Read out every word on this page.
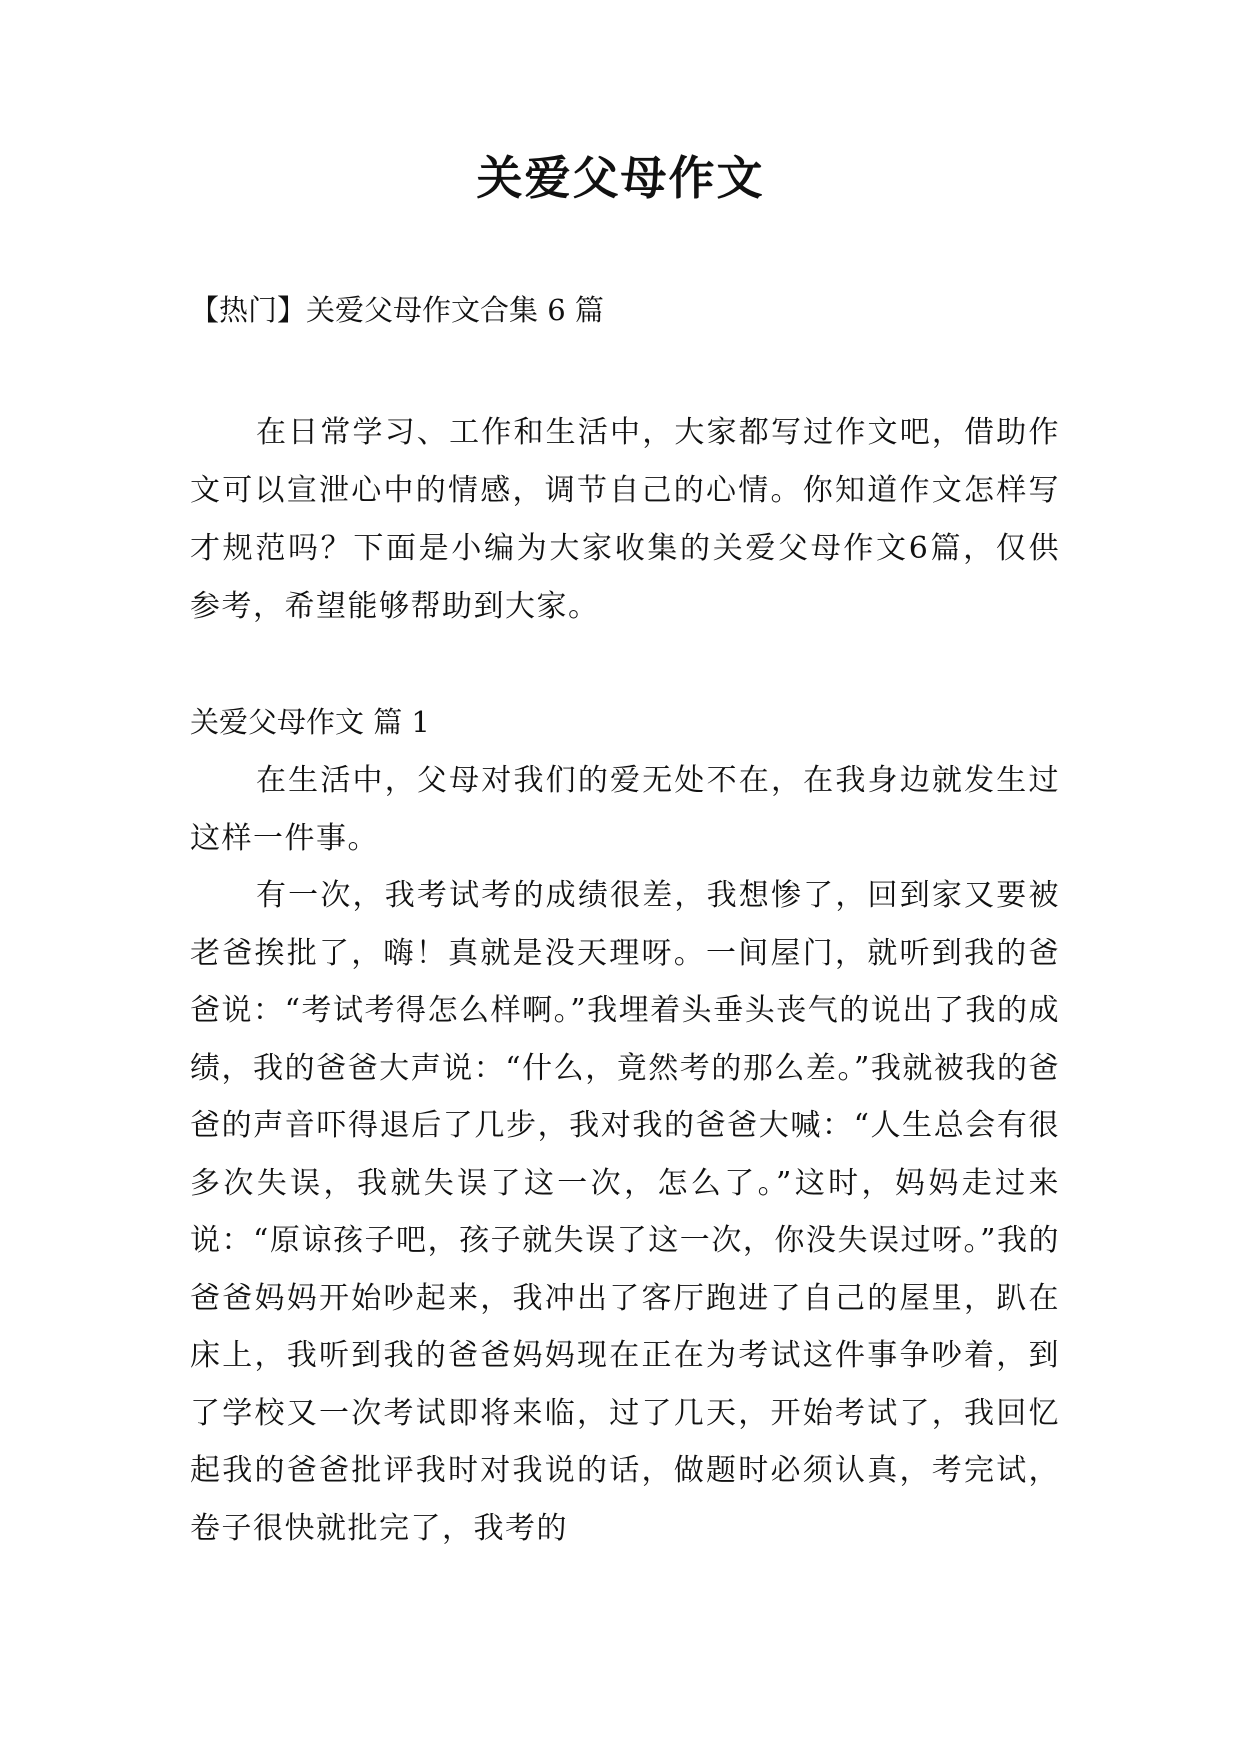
关爱父母作文
【热门】关爱父母作文合集 6 篇

在日常学习、工作和生活中，大家都写过作文吧，借助作文可以宣泄心中的情感，调节自己的心情。你知道作文怎样写才规范吗？下面是小编为大家收集的关爱父母作文6篇，仅供参考，希望能够帮助到大家。

关爱父母作文 篇 1

在生活中，父母对我们的爱无处不在，在我身边就发生过这样一件事。

有一次，我考试考的成绩很差，我想惨了，回到家又要被老爸挨批了，嗨！真就是没天理呀。一间屋门，就听到我的爸爸说：“考试考得怎么样啊。”我埋着头垂头丧气的说出了我的成绩，我的爸爸大声说：“什么，竟然考的那么差。”我就被我的爸爸的声音吓得退后了几步，我对我的爸爸大喊：“人生总会有很多次失误，我就失误了这一次，怎么了。”这时，妈妈走过来说：“原谅孩子吧，孩子就失误了这一次，你没失误过呀。”我的爸爸妈妈开始吵起来，我冲出了客厅跑进了自己的屋里，趴在床上，我听到我的爸爸妈妈现在正在为考试这件事争吵着，到了学校又一次考试即将来临，过了几天，开始考试了，我回忆起我的爸爸批评我时对我说的话，做题时必须认真，考完试，卷子很快就批完了，我考的
